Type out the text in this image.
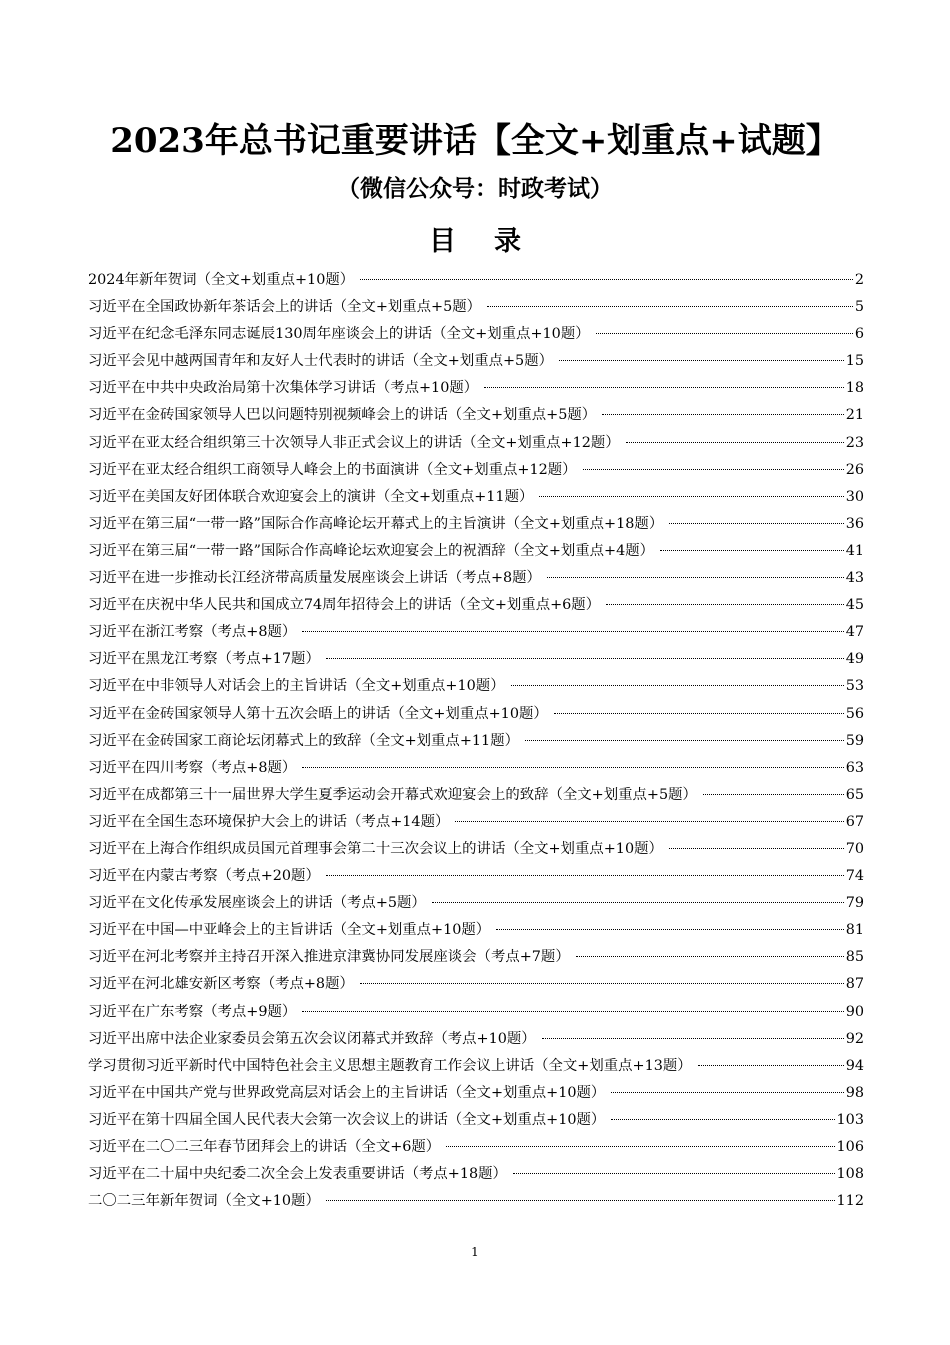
2023年总书记重要讲话【全文+划重点+试题】
（微信公众号：时政考试）
目录
2024年新年贺词（全文+划重点+10题）	2
习近平在全国政协新年茶话会上的讲话（全文+划重点+5题）	5
习近平在纪念毛泽东同志诞辰130周年座谈会上的讲话（全文+划重点+10题）	6
习近平会见中越两国青年和友好人士代表时的讲话（全文+划重点+5题）	15
习近平在中共中央政治局第十次集体学习讲话（考点+10题）	18
习近平在金砖国家领导人巴以问题特别视频峰会上的讲话（全文+划重点+5题）	21
习近平在亚太经合组织第三十次领导人非正式会议上的讲话（全文+划重点+12题）	23
习近平在亚太经合组织工商领导人峰会上的书面演讲（全文+划重点+12题）	26
习近平在美国友好团体联合欢迎宴会上的演讲（全文+划重点+11题）	30
习近平在第三届“一带一路”国际合作高峰论坛开幕式上的主旨演讲（全文+划重点+18题）	36
习近平在第三届“一带一路”国际合作高峰论坛欢迎宴会上的祝酒辞（全文+划重点+4题）	41
习近平在进一步推动长江经济带高质量发展座谈会上讲话（考点+8题）	43
习近平在庆祝中华人民共和国成立74周年招待会上的讲话（全文+划重点+6题）	45
习近平在浙江考察（考点+8题）	47
习近平在黑龙江考察（考点+17题）	49
习近平在中非领导人对话会上的主旨讲话（全文+划重点+10题）	53
习近平在金砖国家领导人第十五次会晤上的讲话（全文+划重点+10题）	56
习近平在金砖国家工商论坛闭幕式上的致辞（全文+划重点+11题）	59
习近平在四川考察（考点+8题）	63
习近平在成都第三十一届世界大学生夏季运动会开幕式欢迎宴会上的致辞（全文+划重点+5题）	65
习近平在全国生态环境保护大会上的讲话（考点+14题）	67
习近平在上海合作组织成员国元首理事会第二十三次会议上的讲话（全文+划重点+10题）	70
习近平在内蒙古考察（考点+20题）	74
习近平在文化传承发展座谈会上的讲话（考点+5题）	79
习近平在中国—中亚峰会上的主旨讲话（全文+划重点+10题）	81
习近平在河北考察并主持召开深入推进京津冀协同发展座谈会（考点+7题）	85
习近平在河北雄安新区考察（考点+8题）	87
习近平在广东考察（考点+9题）	90
习近平出席中法企业家委员会第五次会议闭幕式并致辞（考点+10题）	92
学习贯彻习近平新时代中国特色社会主义思想主题教育工作会议上讲话（全文+划重点+13题）	94
习近平在中国共产党与世界政党高层对话会上的主旨讲话（全文+划重点+10题）	98
习近平在第十四届全国人民代表大会第一次会议上的讲话（全文+划重点+10题）	103
习近平在二〇二三年春节团拜会上的讲话（全文+6题）	106
习近平在二十届中央纪委二次全会上发表重要讲话（考点+18题）	108
二〇二三年新年贺词（全文+10题）	112
1
